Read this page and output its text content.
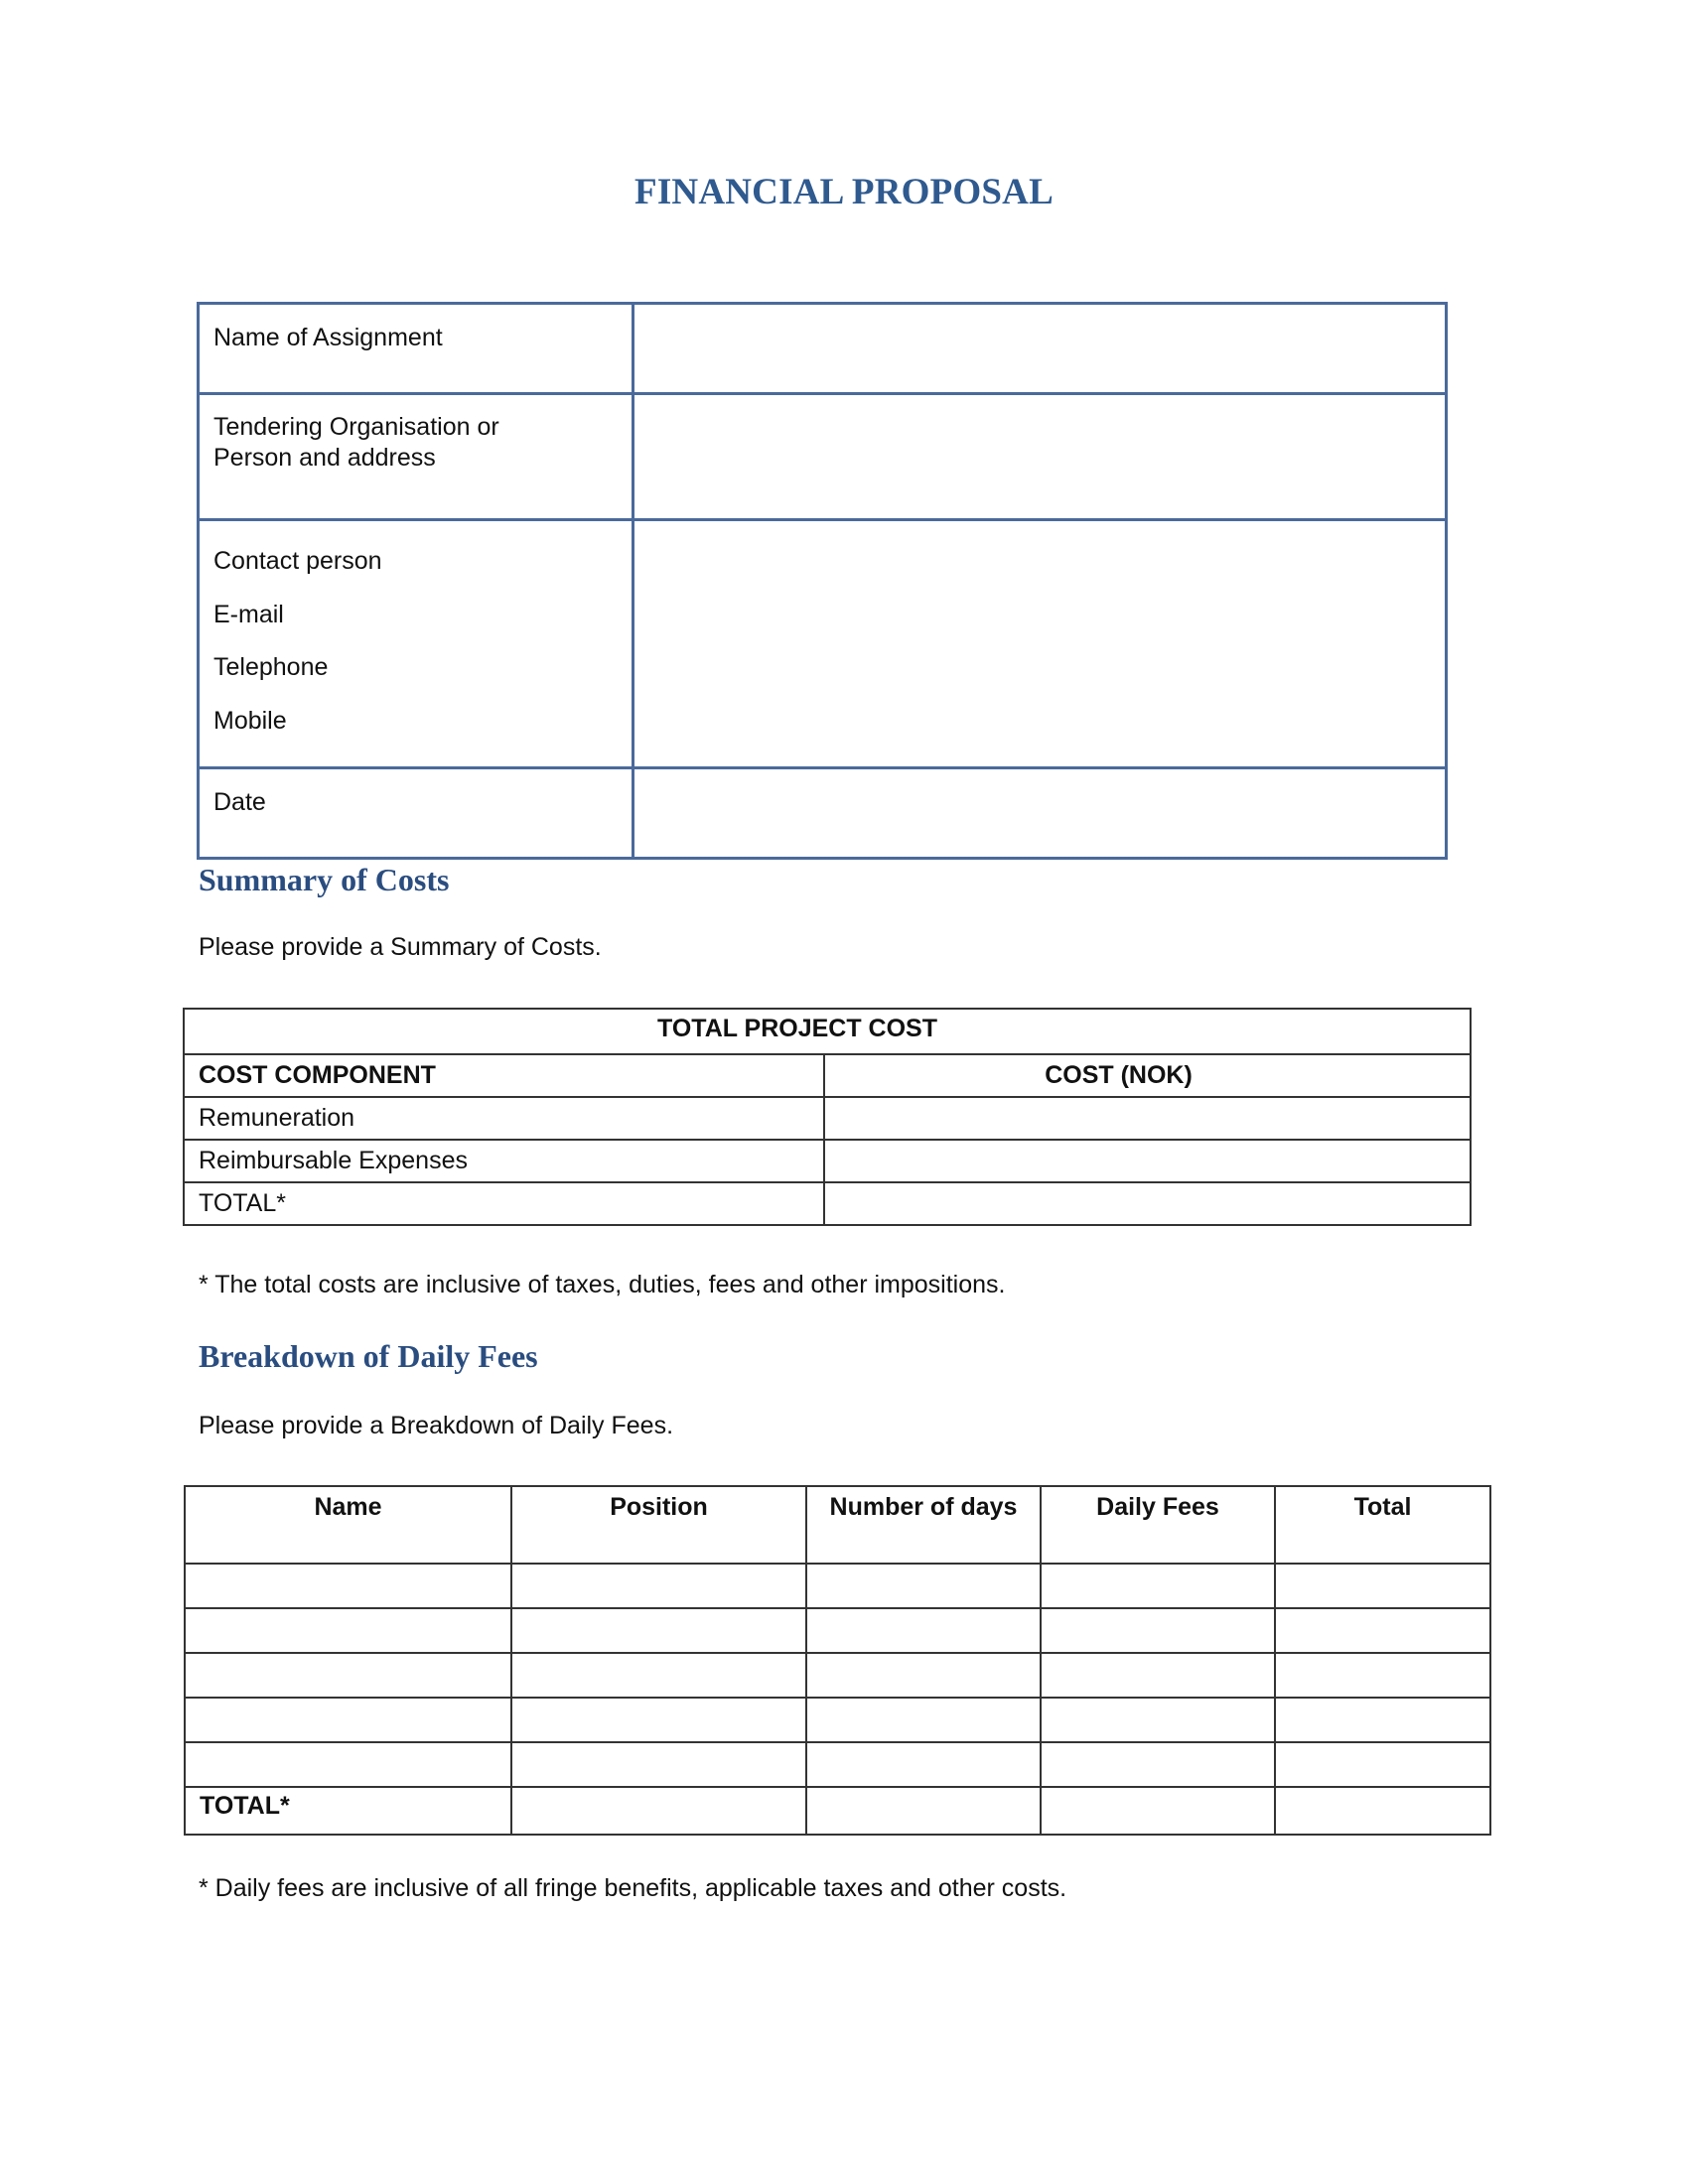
FINANCIAL PROPOSAL
Name of Assignment	

Tendering Organisation or
Person and address	

Contact person
E-mail
Telephone
Mobile	

Date	

Summary of Costs
Please provide a Summary of Costs.
TOTAL PROJECT COST	
COST COMPONENT	COST (NOK)
Remuneration	
Reimbursable Expenses	
TOTAL*	
* The total costs are inclusive of taxes, duties, fees and other impositions.
Breakdown of Daily Fees
Please provide a Breakdown of Daily Fees.
Name	Position	Number of days	Daily Fees	Total

TOTAL*				
* Daily fees are inclusive of all fringe benefits, applicable taxes and other costs.
